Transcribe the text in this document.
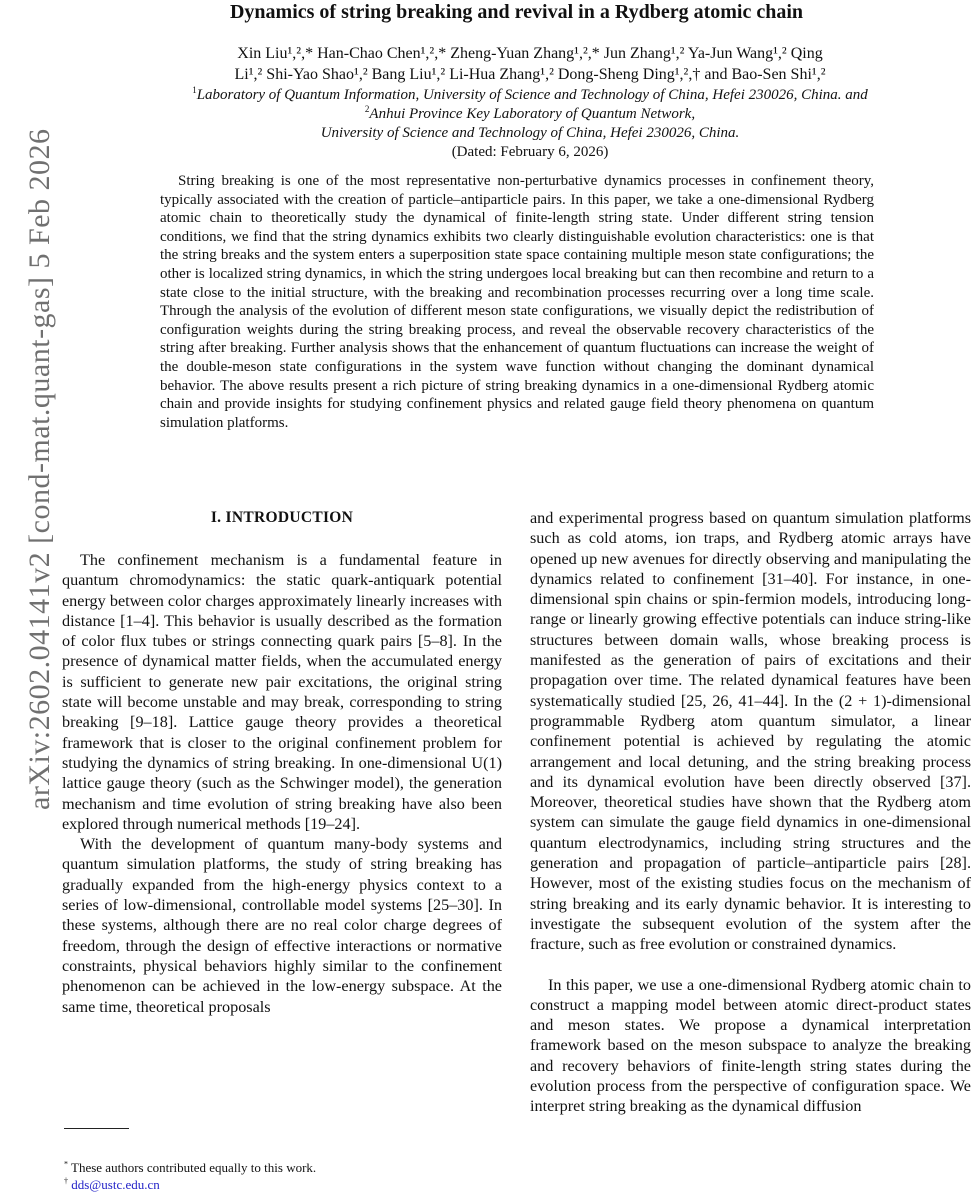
arXiv:2602.04141v2 [cond-mat.quant-gas] 5 Feb 2026
Dynamics of string breaking and revival in a Rydberg atomic chain
Xin Liu¹,²,* Han-Chao Chen¹,²,* Zheng-Yuan Zhang¹,²,* Jun Zhang¹,² Ya-Jun Wang¹,² Qing
Li¹,² Shi-Yao Shao¹,² Bang Liu¹,² Li-Hua Zhang¹,² Dong-Sheng Ding¹,²,† and Bao-Sen Shi¹,²
$^1$Laboratory of Quantum Information, University of Science and Technology of China, Hefei 230026, China. and
$^2$Anhui Province Key Laboratory of Quantum Network,
University of Science and Technology of China, Hefei 230026, China.
(Dated: February 6, 2026)
String breaking is one of the most representative non-perturbative dynamics processes in confinement theory, typically associated with the creation of particle–antiparticle pairs. In this paper, we take a one-dimensional Rydberg atomic chain to theoretically study the dynamical of finite-length string state. Under different string tension conditions, we find that the string dynamics exhibits two clearly distinguishable evolution characteristics: one is that the string breaks and the system enters a superposition state space containing multiple meson state configurations; the other is localized string dynamics, in which the string undergoes local breaking but can then recombine and return to a state close to the initial structure, with the breaking and recombination processes recurring over a long time scale. Through the analysis of the evolution of different meson state configurations, we visually depict the redistribution of configuration weights during the string breaking process, and reveal the observable recovery characteristics of the string after breaking. Further analysis shows that the enhancement of quantum fluctuations can increase the weight of the double-meson state configurations in the system wave function without changing the dominant dynamical behavior. The above results present a rich picture of string breaking dynamics in a one-dimensional Rydberg atomic chain and provide insights for studying confinement physics and related gauge field theory phenomena on quantum simulation platforms.
I. INTRODUCTION

The confinement mechanism is a fundamental feature in quantum chromodynamics: the static quark-antiquark potential energy between color charges approximately linearly increases with distance [1–4]. This behavior is usually described as the formation of color flux tubes or strings connecting quark pairs [5–8]. In the presence of dynamical matter fields, when the accumulated energy is sufficient to generate new pair excitations, the original string state will become unstable and may break, corresponding to string breaking [9–18]. Lattice gauge theory provides a theoretical framework that is closer to the original confinement problem for studying the dynamics of string breaking. In one-dimensional U(1) lattice gauge theory (such as the Schwinger model), the generation mechanism and time evolution of string breaking have also been explored through numerical methods [19–24].

With the development of quantum many-body systems and quantum simulation platforms, the study of string breaking has gradually expanded from the high-energy physics context to a series of low-dimensional, controllable model systems [25–30]. In these systems, although there are no real color charge degrees of freedom, through the design of effective interactions or normative constraints, physical behaviors highly similar to the confinement phenomenon can be achieved in the low-energy subspace. At the same time, theoretical proposals

and experimental progress based on quantum simulation platforms such as cold atoms, ion traps, and Rydberg atomic arrays have opened up new avenues for directly observing and manipulating the dynamics related to confinement [31–40]. For instance, in one-dimensional spin chains or spin-fermion models, introducing long-range or linearly growing effective potentials can induce string-like structures between domain walls, whose breaking process is manifested as the generation of pairs of excitations and their propagation over time. The related dynamical features have been systematically studied [25, 26, 41–44]. In the (2 + 1)-dimensional programmable Rydberg atom quantum simulator, a linear confinement potential is achieved by regulating the atomic arrangement and local detuning, and the string breaking process and its dynamical evolution have been directly observed [37]. Moreover, theoretical studies have shown that the Rydberg atom system can simulate the gauge field dynamics in one-dimensional quantum electrodynamics, including string structures and the generation and propagation of particle–antiparticle pairs [28]. However, most of the existing studies focus on the mechanism of string breaking and its early dynamic behavior. It is interesting to investigate the subsequent evolution of the system after the fracture, such as free evolution or constrained dynamics.

In this paper, we use a one-dimensional Rydberg atomic chain to construct a mapping model between atomic direct-product states and meson states. We propose a dynamical interpretation framework based on the meson subspace to analyze the breaking and recovery behaviors of finite-length string states during the evolution process from the perspective of configuration space. We interpret string breaking as the dynamical diffusion

* These authors contributed equally to this work.
† dds@ustc.edu.cn
